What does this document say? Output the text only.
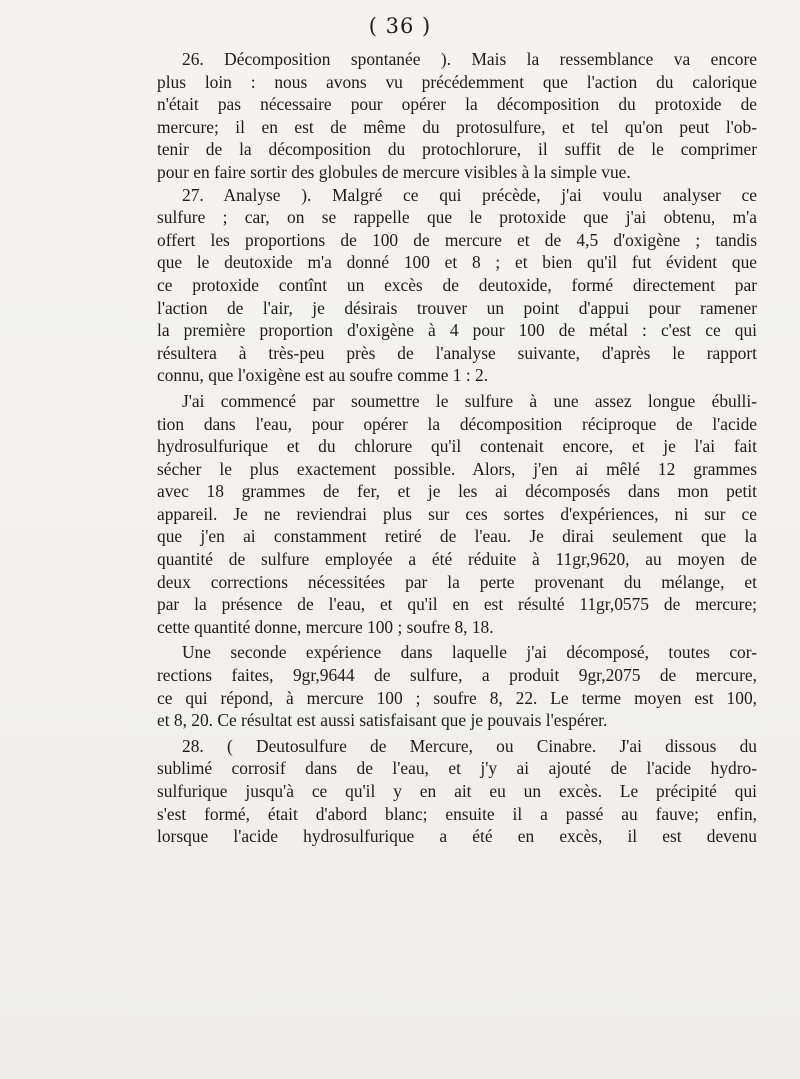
( 36 )
26. Décomposition spontanée ). Mais la ressemblance va encore
plus loin : nous avons vu précédemment que l'action du calorique
n'était pas nécessaire pour opérer la décomposition du protoxide de
mercure; il en est de même du protosulfure, et tel qu'on peut l'ob-
tenir de la décomposition du protochlorure, il suffit de le comprimer
pour en faire sortir des globules de mercure visibles à la simple vue.
27. Analyse ). Malgré ce qui précède, j'ai voulu analyser ce
sulfure ; car, on se rappelle que le protoxide que j'ai obtenu, m'a
offert les proportions de 100 de mercure et de 4,5 d'oxigène ; tandis
que le deutoxide m'a donné 100 et 8 ; et bien qu'il fut évident que
ce protoxide contînt un excès de deutoxide, formé directement par
l'action de l'air, je désirais trouver un point d'appui pour ramener
la première proportion d'oxigène à 4 pour 100 de métal : c'est ce qui
résultera à très-peu près de l'analyse suivante, d'après le rapport
connu, que l'oxigène est au soufre comme 1 : 2.
J'ai commencé par soumettre le sulfure à une assez longue ébulli-
tion dans l'eau, pour opérer la décomposition réciproque de l'acide
hydrosulfurique et du chlorure qu'il contenait encore, et je l'ai fait
sécher le plus exactement possible. Alors, j'en ai mêlé 12 grammes
avec 18 grammes de fer, et je les ai décomposés dans mon petit
appareil. Je ne reviendrai plus sur ces sortes d'expériences, ni sur ce
que j'en ai constamment retiré de l'eau. Je dirai seulement que la
quantité de sulfure employée a été réduite à 11gr,9620, au moyen de
deux corrections nécessitées par la perte provenant du mélange, et
par la présence de l'eau, et qu'il en est résulté 11gr,0575 de mercure;
cette quantité donne, mercure 100 ; soufre 8, 18.
Une seconde expérience dans laquelle j'ai décomposé, toutes cor-
rections faites, 9gr,9644 de sulfure, a produit 9gr,2075 de mercure,
ce qui répond, à mercure 100 ; soufre 8, 22. Le terme moyen est 100,
et 8, 20. Ce résultat est aussi satisfaisant que je pouvais l'espérer.
28. ( Deutosulfure de Mercure, ou Cinabre. J'ai dissous du
sublimé corrosif dans de l'eau, et j'y ai ajouté de l'acide hydro-
sulfurique jusqu'à ce qu'il y en ait eu un excès. Le précipité qui
s'est formé, était d'abord blanc; ensuite il a passé au fauve; enfin,
lorsque l'acide hydrosulfurique a été en excès, il est devenu
